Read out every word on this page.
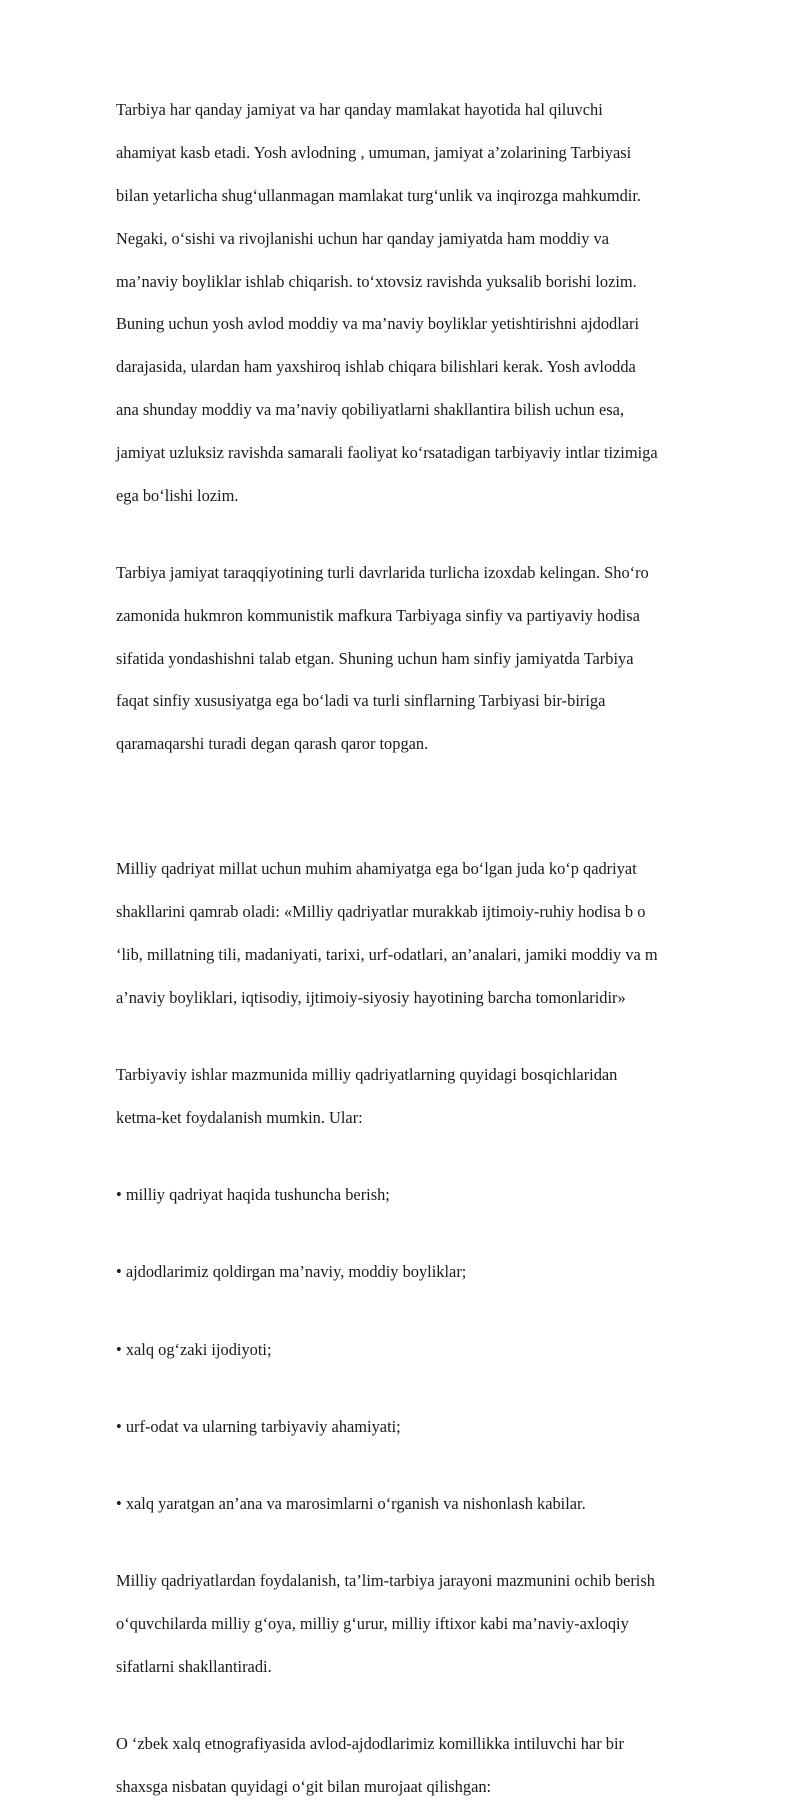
Tarbiya har qanday jamiyat va har qanday mamlakat hayotida hal qiluvchi

ahamiyat kasb etadi. Yosh avlodning , umuman, jamiyat a’zolarining Tarbiyasi

bilan yetarlicha shug‘ullanmagan mamlakat turg‘unlik va inqirozga mahkumdir.

Negaki, o‘sishi va rivojlanishi uchun har qanday jamiyatda ham moddiy va

ma’naviy boyliklar ishlab chiqarish. to‘xtovsiz ravishda yuksalib borishi lozim.

Buning uchun yosh avlod moddiy va ma’naviy boyliklar yetishtirishni ajdodlari

darajasida, ulardan ham yaxshiroq ishlab chiqara bilishlari kerak. Yosh avlodda

ana shunday moddiy va ma’naviy qobiliyatlarni shakllantira bilish uchun esa,

jamiyat uzluksiz ravishda samarali faoliyat ko‘rsatadigan tarbiyaviy intlar tizimiga

ega bo‘lishi lozim.

Tarbiya jamiyat taraqqiyotining turli davrlarida turlicha izoxdab kelingan. Sho‘ro

zamonida hukmron kommunistik mafkura Tarbiyaga sinfiy va partiyaviy hodisa

sifatida yondashishni talab etgan. Shuning uchun ham sinfiy jamiyatda Tarbiya

faqat sinfiy xususiyatga ega bo‘ladi va turli sinflarning Tarbiyasi bir-biriga

qaramaqarshi turadi degan qarash qaror topgan.

Milliy qadriyat millat uchun muhim ahamiyatga ega bo‘lgan juda ko‘p qadriyat

shakllarini qamrab oladi: «Milliy qadriyatlar murakkab ijtimoiy-ruhiy hodisa b o

‘lib, millatning tili, madaniyati, tarixi, urf-odatlari, an’analari, jamiki moddiy va m

a’naviy boyliklari, iqtisodiy, ijtimoiy-siyosiy hayotining barcha tomonlaridir»

Tarbiyaviy ishlar mazmunida milliy qadriyatlarning quyidagi bosqichlaridan

ketma-ket foydalanish mumkin. Ular:

• milliy qadriyat haqida tushuncha berish;

• ajdodlarimiz qoldirgan ma’naviy, moddiy boyliklar;

• xalq og‘zaki ijodiyoti;

• urf-odat va ularning tarbiyaviy ahamiyati;

• xalq yaratgan an’ana va marosimlarni o‘rganish va nishonlash kabilar.

Milliy qadriyatlardan foydalanish, ta’lim-tarbiya jarayoni mazmunini ochib berish

o‘quvchilarda milliy g‘oya, milliy g‘urur, milliy iftixor kabi ma’naviy-axloqiy

sifatlarni shakllantiradi.

O ‘zbek xalq etnografiyasida avlod-ajdodlarimiz komillikka intiluvchi har bir

shaxsga nisbatan quyidagi o‘git bilan murojaat qilishgan:
